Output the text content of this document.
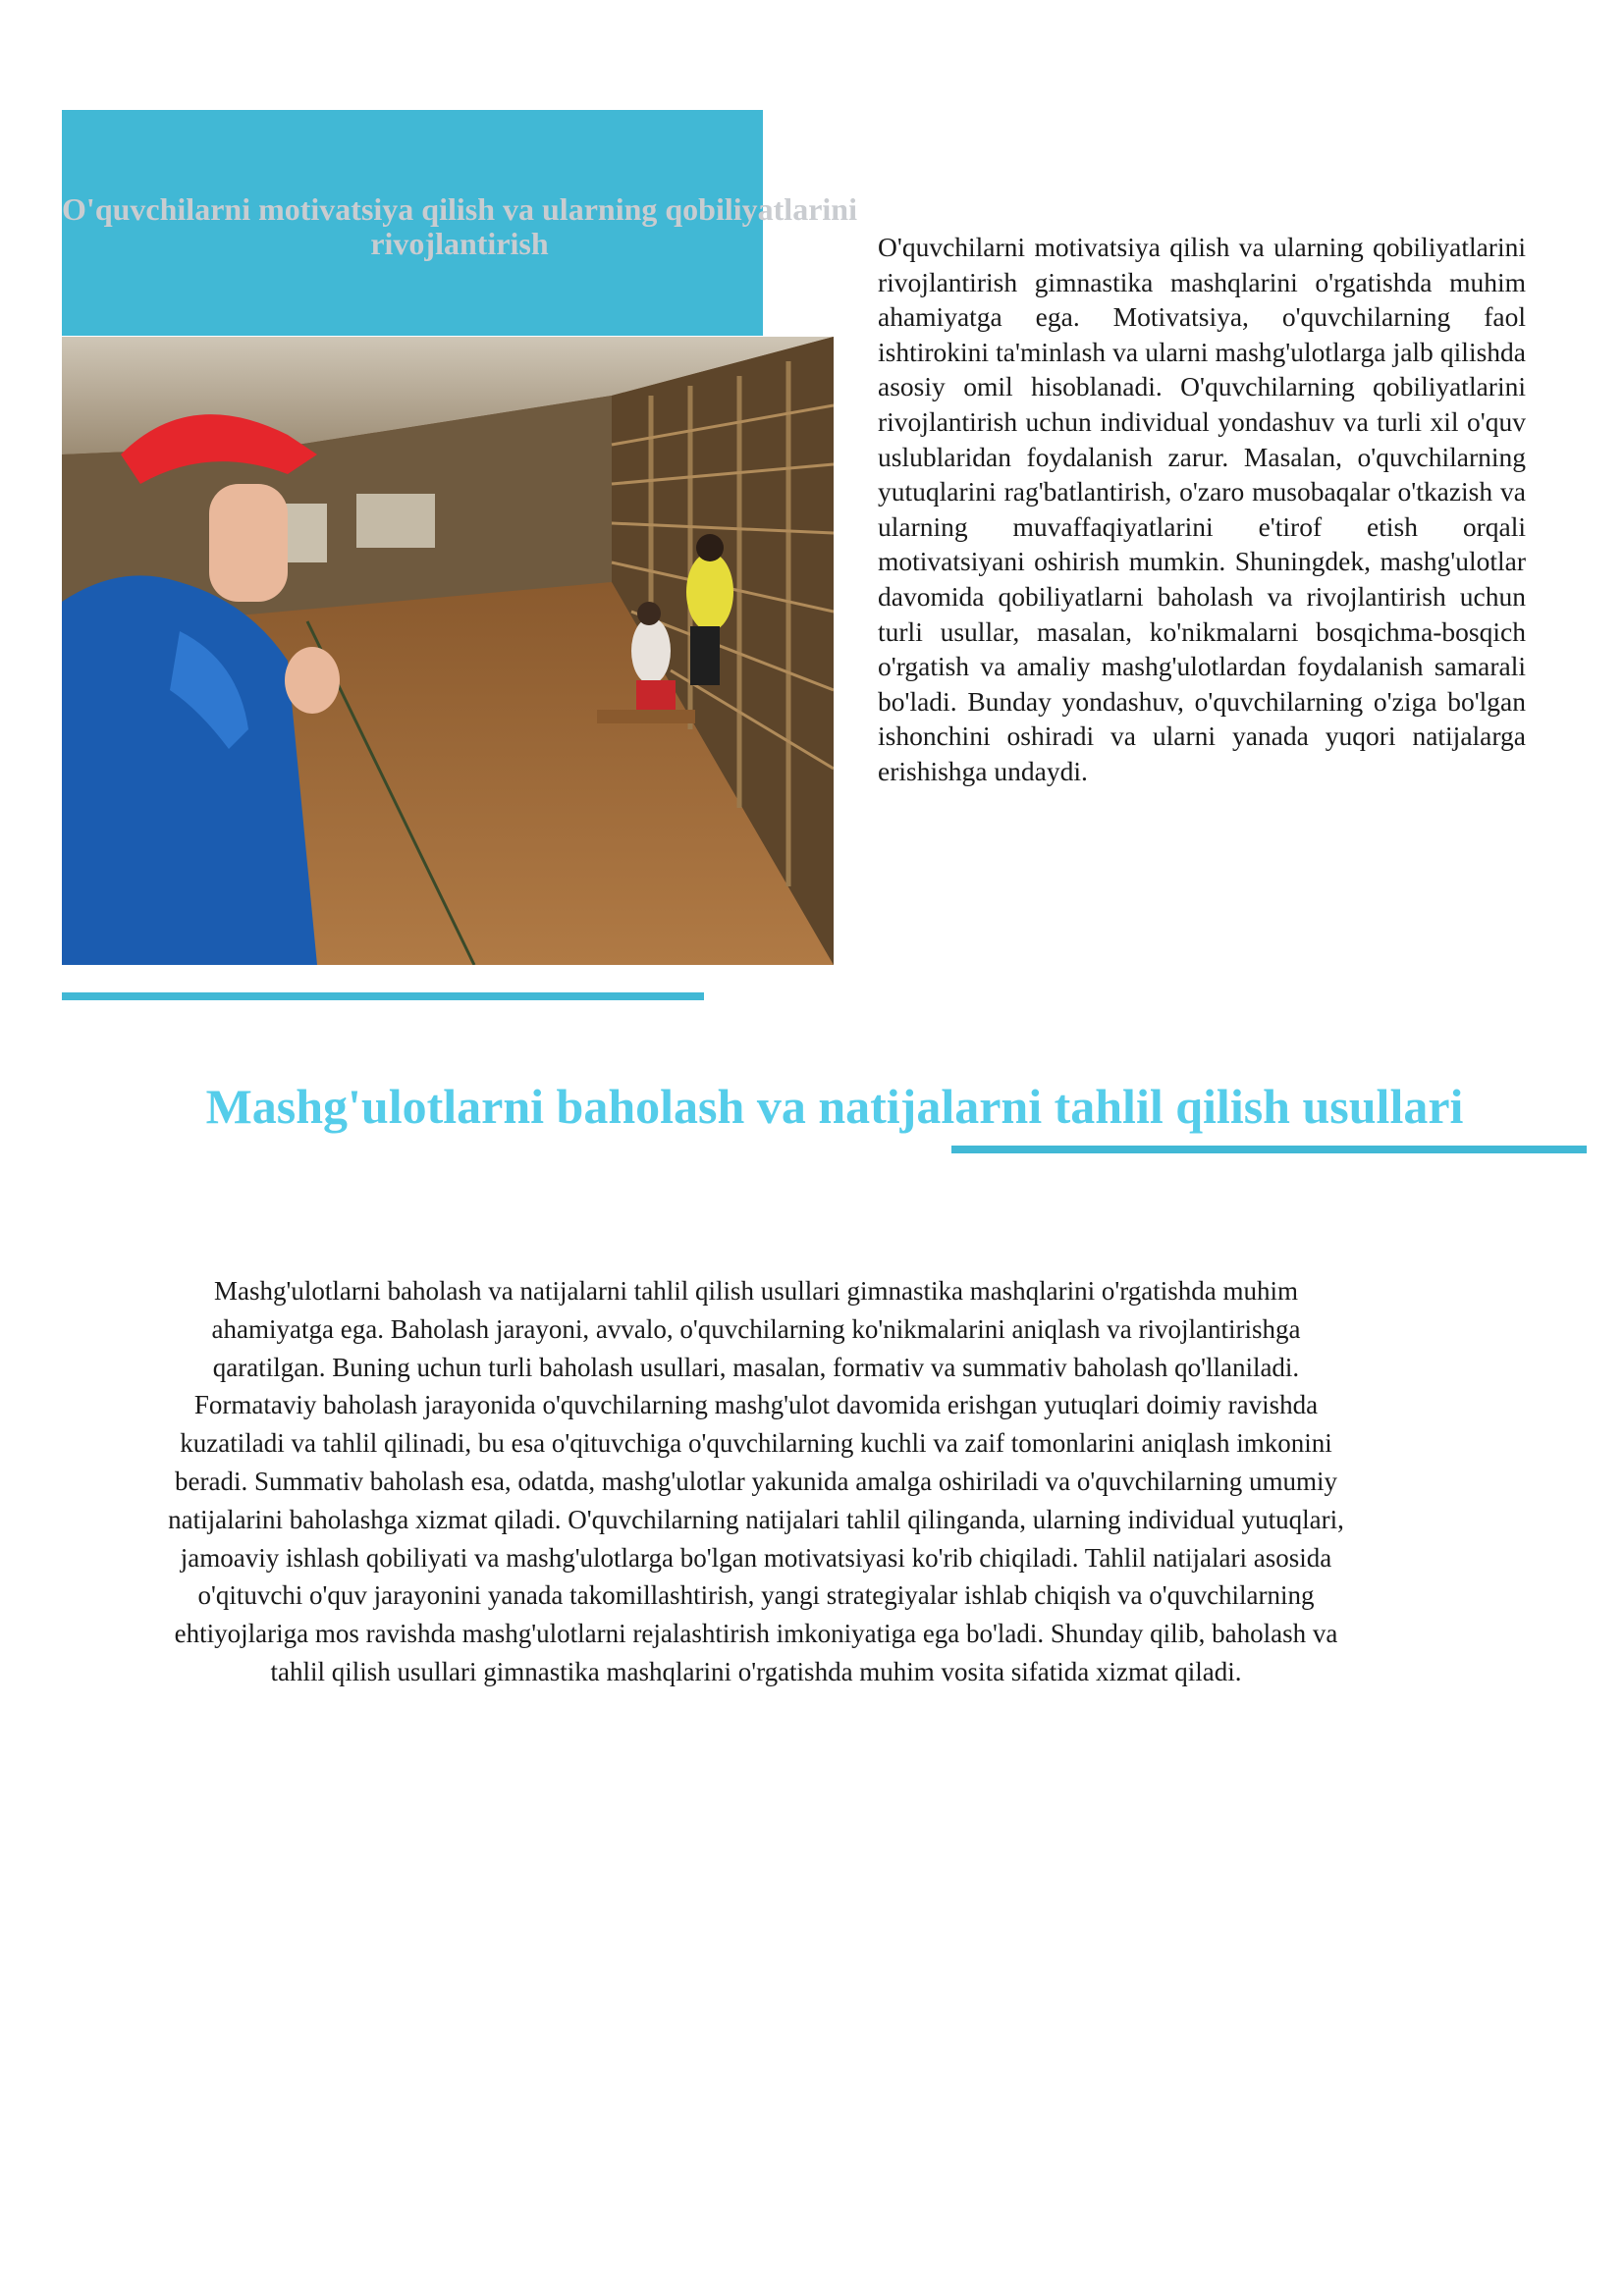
O'quvchilarni motivatsiya qilish va ularning qobiliyatlarini rivojlantirish	O'quvchilarni motivatsiya qilish va ularning qobiliyatlarini rivojlantirish gimnastika mashqlarini o'rgatishda muhim ahamiyatga ega. Motivatsiya, o'quvchilarning faol ishtirokini ta'minlash va ularni mashg'ulotlarga jalb qilishda asosiy omil hisoblanadi. O'quvchilarning qobiliyatlarini rivojlantirish uchun individual yondashuv va turli xil o'quv uslublaridan foydalanish zarur. Masalan, o'quvchilarning yutuqlarini rag'batlantirish, o'zaro musobaqalar o'tkazish va ularning muvaffaqiyatlarini e'tirof etish orqali motivatsiyani oshirish mumkin. Shuningdek, mashg'ulotlar davomida qobiliyatlarni baholash va rivojlantirish uchun turli usullar, masalan, ko'nikmalarni bosqichma-bosqich o'rgatish va amaliy mashg'ulotlardan foydalanish samarali bo'ladi. Bunday yondashuv, o'quvchilarning o'ziga bo'lgan ishonchini oshiradi va ularni yanada yuqori natijalarga erishishga undaydi.

Mashg'ulotlarni baholash va natijalarni tahlil qilish usullari

Mashg'ulotlarni baholash va natijalarni tahlil qilish usullari gimnastika mashqlarini o'rgatishda muhim ahamiyatga ega. Baholash jarayoni, avvalo, o'quvchilarning ko'nikmalarini aniqlash va rivojlantirishga qaratilgan. Buning uchun turli baholash usullari, masalan, formativ va summativ baholash qo'llaniladi. Formataviy baholash jarayonida o'quvchilarning mashg'ulot davomida erishgan yutuqlari doimiy ravishda kuzatiladi va tahlil qilinadi, bu esa o'qituvchiga o'quvchilarning kuchli va zaif tomonlarini aniqlash imkonini beradi. Summativ baholash esa, odatda, mashg'ulotlar yakunida amalga oshiriladi va o'quvchilarning umumiy natijalarini baholashga xizmat qiladi. O'quvchilarning natijalari tahlil qilinganda, ularning individual yutuqlari, jamoaviy ishlash qobiliyati va mashg'ulotlarga bo'lgan motivatsiyasi ko'rib chiqiladi. Tahlil natijalari asosida o'qituvchi o'quv jarayonini yanada takomillashtirish, yangi strategiyalar ishlab chiqish va o'quvchilarning ehtiyojlariga mos ravishda mashg'ulotlarni rejalashtirish imkoniyatiga ega bo'ladi. Shunday qilib, baholash va tahlil qilish usullari gimnastika mashqlarini o'rgatishda muhim vosita sifatida xizmat qiladi.
